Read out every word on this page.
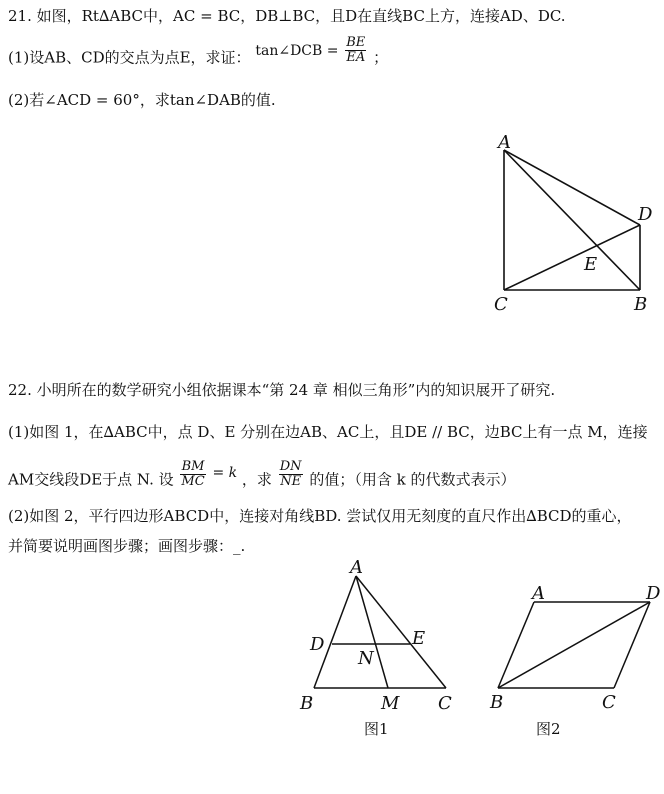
21. 如图，Rt∆ABC中，AC = BC，DB⊥BC，且D在直线BC上方，连接AD、DC.
(1)设AB、CD的交点为点E，求证： tan∠DCB = $\frac{BE}{EA}$ ；
(2)若∠ACD = 60°，求tan∠DAB的值.
A
D
E
C	B
22. 小明所在的数学研究小组依据课本“第 24 章 相似三角形”内的知识展开了研究.
(1)如图 1，在∆ABC中，点 D、E 分别在边AB、AC上，且DE // BC，边BC上有一点 M，连接
AM交线段DE于点 N. 设 $\frac{BM}{MC} = k$ ，求 $\frac{DN}{NE}$ 的值；（用含 k 的代数式表示）
(2)如图 2，平行四边形ABCD中，连接对角线BD. 尝试仅用无刻度的直尺作出∆BCD的重心，
并简要说明画图步骤；画图步骤：_.
A
D	E
N
B	M C
图1
A	D
B	C
图2
